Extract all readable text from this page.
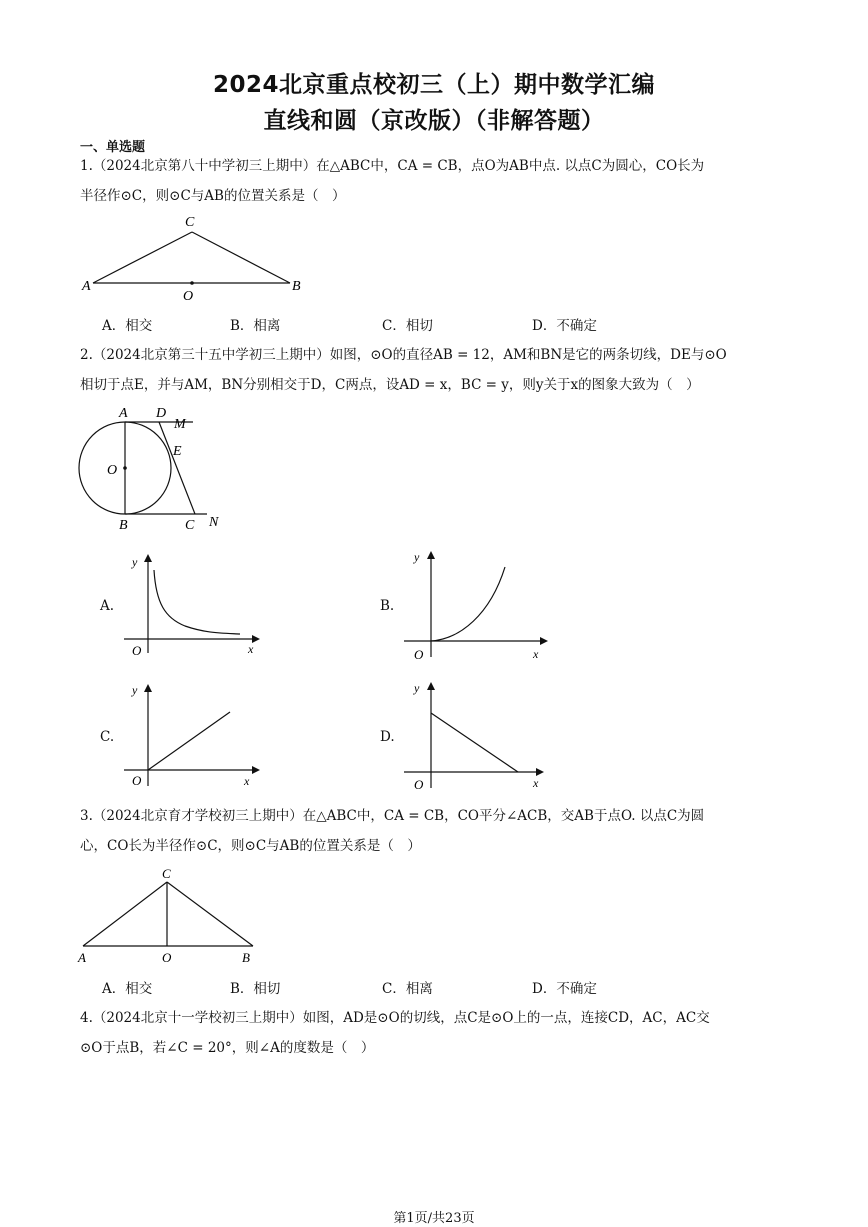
2024北京重点校初三（上）期中数学汇编
直线和圆（京改版）（非解答题）
一、单选题
1.（2024北京第八十中学初三上期中）在△ABC中，CA = CB，点O为AB中点. 以点C为圆心，CO长为
半径作⊙C，则⊙C与AB的位置关系是（　）
A	B
C
O
A．相交	B．相离	C．相切	D．不确定
2.（2024北京第三十五中学初三上期中）如图，⊙O的直径AB = 12，AM和BN是它的两条切线，DE与⊙O
相切于点E，并与AM，BN分别相交于D，C两点，设AD = x，BC = y，则y关于x的图象大致为（　）
A D
M
E
O
B	C N
A.	B.
C.	D.
y
x
O
y
x
O
y
x
O
y
x
O
3.（2024北京育才学校初三上期中）在△ABC中，CA = CB，CO平分∠ACB，交AB于点O. 以点C为圆
心，CO长为半径作⊙C，则⊙C与AB的位置关系是（　）
C
A	O	B
A．相交	B．相切	C．相离	D．不确定
4.（2024北京十一学校初三上期中）如图，AD是⊙O的切线，点C是⊙O上的一点，连接CD，AC，AC交
⊙O于点B，若∠C = 20°，则∠A的度数是（　）
第1页/共23页
